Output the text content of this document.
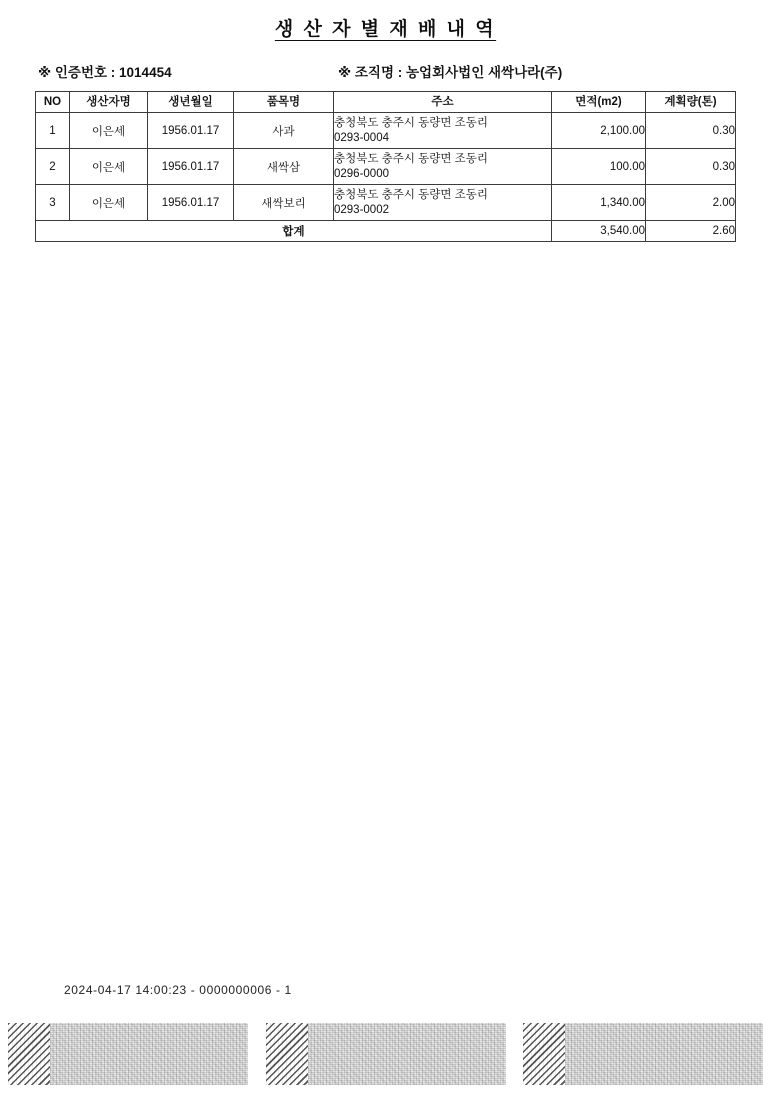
생 산 자 별 재 배 내 역
※ 인증번호 : 1014454	※ 조직명 : 농업회사법인 새싹나라(주)
NO	생산자명	생년월일	품목명	주소	면적(m2)	계획량(톤)
1	이은세	1956.01.17	사과	충청북도 충주시 동량면 조동리
0293-0004	2,100.00	0.30
2	이은세	1956.01.17	새싹삼	충청북도 충주시 동량면 조동리
0296-0000	100.00	0.30
3	이은세	1956.01.17	새싹보리	충청북도 충주시 동량면 조동리
0293-0002	1,340.00	2.00
합계					3,540.00	2.60
2024-04-17 14:00:23 - 0000000006 - 1
